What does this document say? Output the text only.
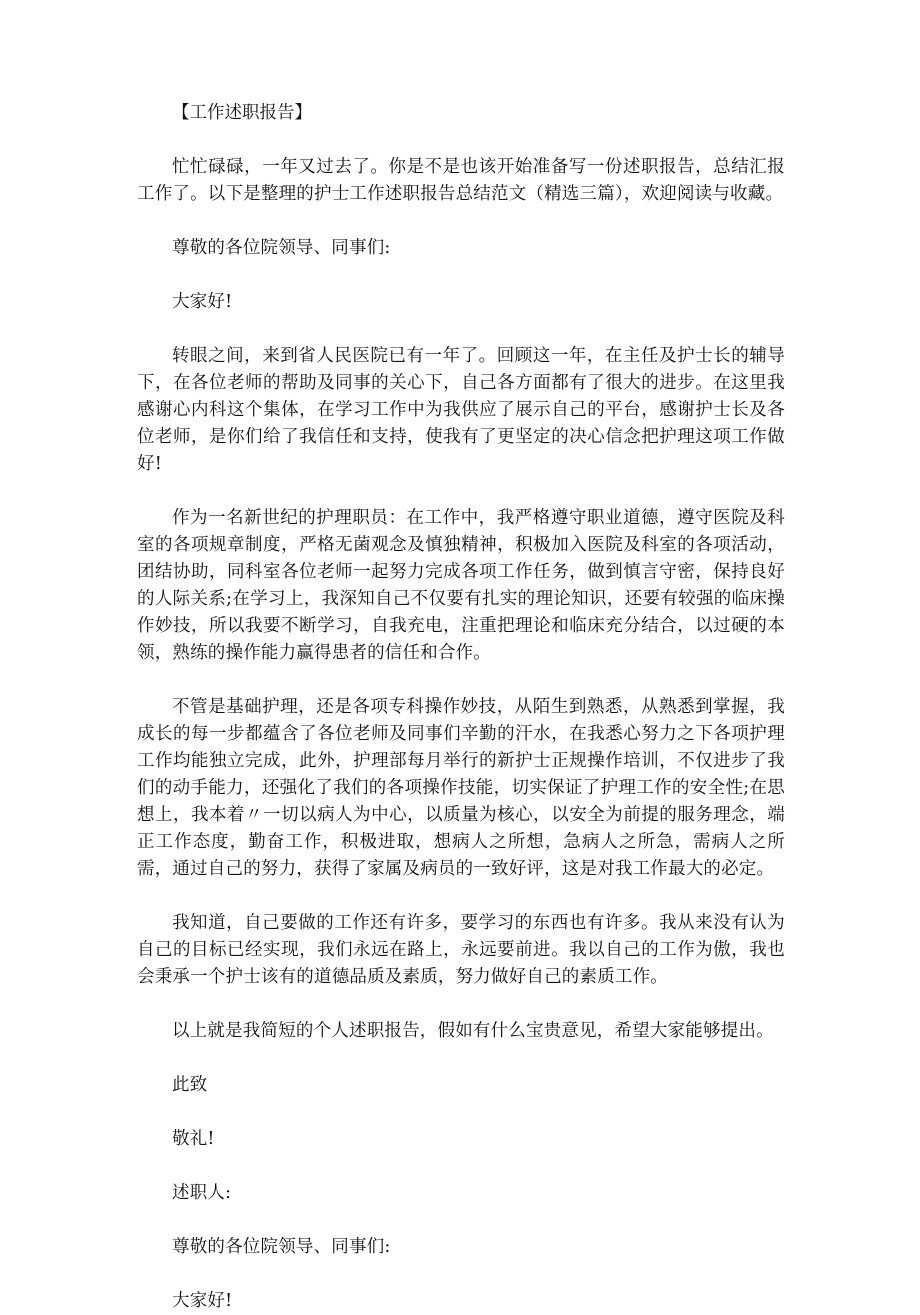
【工作述职报告】

忙忙碌碌，一年又过去了。你是不是也该开始准备写一份述职报告，总结汇报工作了。以下是整理的护士工作述职报告总结范文（精选三篇），欢迎阅读与收藏。

尊敬的各位院领导、同事们:

大家好!

转眼之间，来到省人民医院已有一年了。回顾这一年，在主任及护士长的辅导下，在各位老师的帮助及同事的关心下，自己各方面都有了很大的进步。在这里我感谢心内科这个集体，在学习工作中为我供应了展示自己的平台，感谢护士长及各位老师，是你们给了我信任和支持，使我有了更坚定的决心信念把护理这项工作做好!

作为一名新世纪的护理职员：在工作中，我严格遵守职业道德，遵守医院及科室的各项规章制度，严格无菌观念及慎独精神，积极加入医院及科室的各项活动，团结协助，同科室各位老师一起努力完成各项工作任务，做到慎言守密，保持良好的人际关系;在学习上，我深知自己不仅要有扎实的理论知识，还要有较强的临床操作妙技，所以我要不断学习，自我充电，注重把理论和临床充分结合，以过硬的本领，熟练的操作能力赢得患者的信任和合作。

不管是基础护理，还是各项专科操作妙技，从陌生到熟悉，从熟悉到掌握，我成长的每一步都蕴含了各位老师及同事们辛勤的汗水，在我悉心努力之下各项护理工作均能独立完成，此外，护理部每月举行的新护士正规操作培训，不仅进步了我们的动手能力，还强化了我们的各项操作技能，切实保证了护理工作的安全性;在思想上，我本着〃一切以病人为中心，以质量为核心，以安全为前提的服务理念，端正工作态度，勤奋工作，积极进取，想病人之所想，急病人之所急，需病人之所需，通过自己的努力，获得了家属及病员的一致好评，这是对我工作最大的必定。

我知道，自己要做的工作还有许多，要学习的东西也有许多。我从来没有认为自己的目标已经实现，我们永远在路上，永远要前进。我以自己的工作为傲，我也会秉承一个护士该有的道德品质及素质，努力做好自己的素质工作。

以上就是我简短的个人述职报告，假如有什么宝贵意见，希望大家能够提出。

此致

敬礼!

述职人:

尊敬的各位院领导、同事们:

大家好!
